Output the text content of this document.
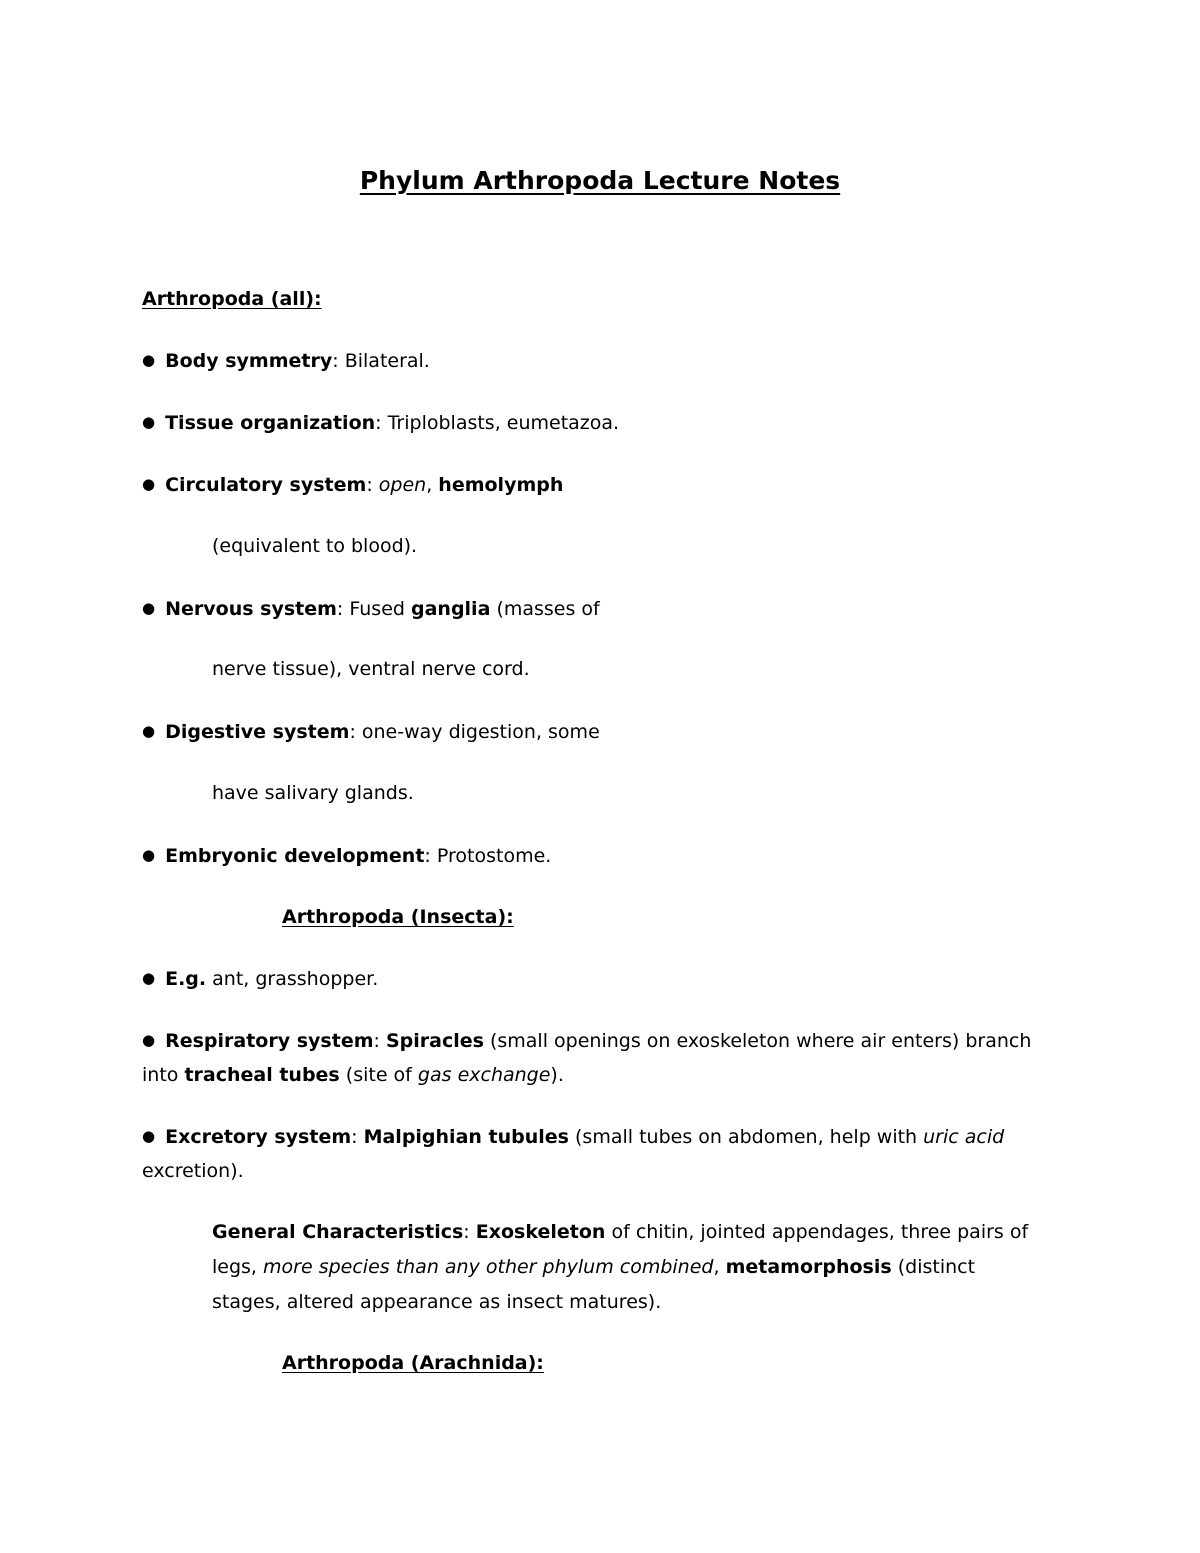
Phylum Arthropoda Lecture Notes
Arthropoda (all):
● Body symmetry: Bilateral.
● Tissue organization: Triploblasts, eumetazoa.
● Circulatory system: open, hemolymph
(equivalent to blood).
● Nervous system: Fused ganglia (masses of
nerve tissue), ventral nerve cord.
● Digestive system: one-way digestion, some
have salivary glands.
● Embryonic development: Protostome.
Arthropoda (Insecta):
● E.g. ant, grasshopper.
● Respiratory system: Spiracles (small openings on exoskeleton where air enters) branch
into tracheal tubes (site of gas exchange).
● Excretory system: Malpighian tubules (small tubes on abdomen, help with uric acid
excretion).
General Characteristics: Exoskeleton of chitin, jointed appendages, three pairs of
legs, more species than any other phylum combined, metamorphosis (distinct
stages, altered appearance as insect matures).
Arthropoda (Arachnida):
